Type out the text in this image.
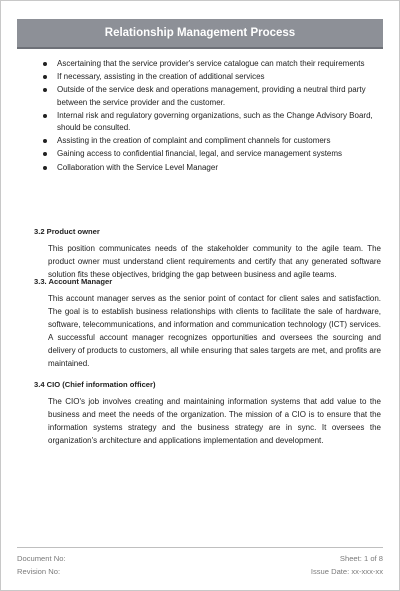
Relationship Management Process
Ascertaining that the service provider's service catalogue can match their requirements
If necessary, assisting in the creation of additional services
Outside of the service desk and operations management, providing a neutral third party between the service provider and the customer.
Internal risk and regulatory governing organizations, such as the Change Advisory Board, should be consulted.
Assisting in the creation of complaint and compliment channels for customers
Gaining access to confidential financial, legal, and service management systems
Collaboration with the Service Level Manager
3.2 Product owner

This position communicates needs of the stakeholder community to the agile team. The product owner must understand client requirements and certify that any generated software solution fits these objectives, bridging the gap between business and agile teams.

3.3. Account Manager

This account manager serves as the senior point of contact for client sales and satisfaction. The goal is to establish business relationships with clients to facilitate the sale of hardware, software, telecommunications, and information and communication technology (ICT) services. A successful account manager recognizes opportunities and oversees the sourcing and delivery of products to customers, all while ensuring that sales targets are met, and profits are maintained.

3.4 CIO (Chief information officer)

The CIO's job involves creating and maintaining information systems that add value to the business and meet the needs of the organization. The mission of a CIO is to ensure that the information systems strategy and the business strategy are in sync. It oversees the organization's architecture and applications implementation and development.

Document No:
Revision No:
Sheet: 1 of 8
Issue Date: xx-xxx-xx
